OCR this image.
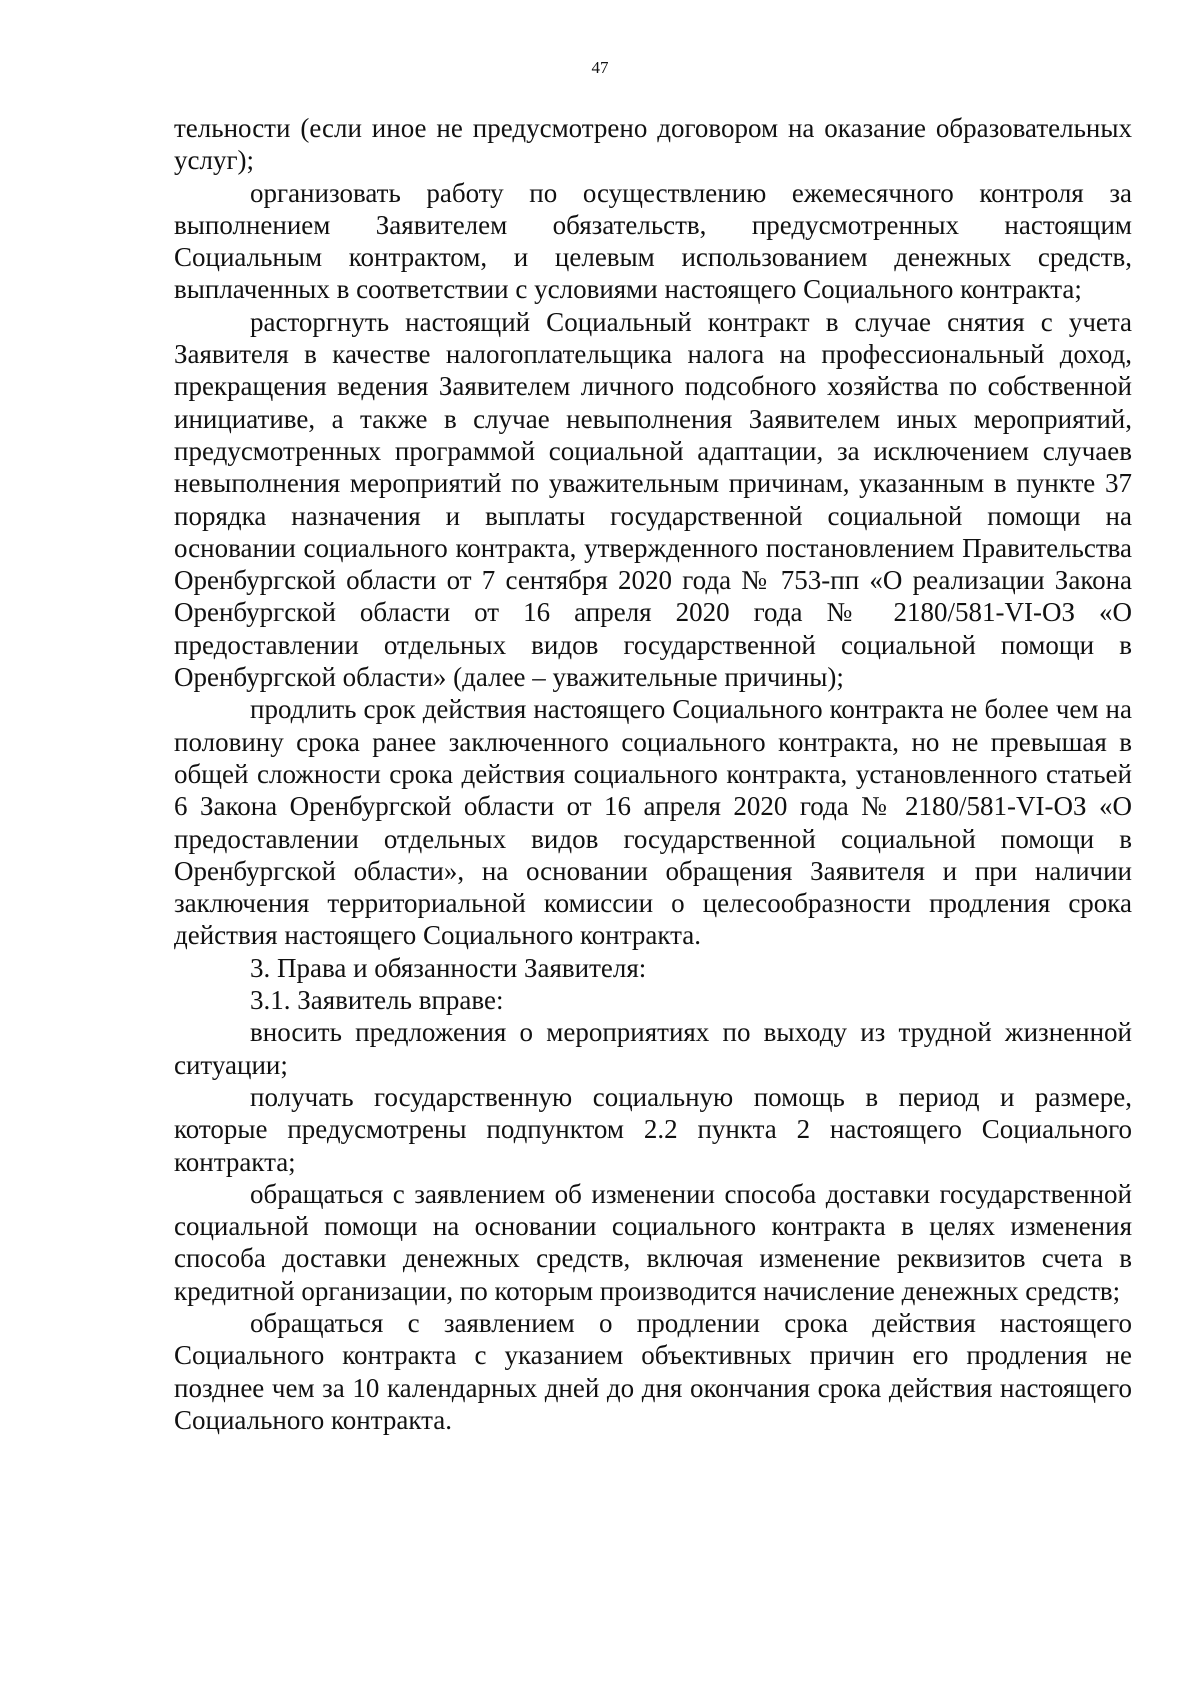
47

тельности (если иное не предусмотрено договором на оказание образовательных услуг);

организовать работу по осуществлению ежемесячного контроля за выполнением Заявителем обязательств, предусмотренных настоящим Социальным контрактом, и целевым использованием денежных средств, выплаченных в соответствии с условиями настоящего Социального контракта;

расторгнуть настоящий Социальный контракт в случае снятия с учета Заявителя в качестве налогоплательщика налога на профессиональный доход, прекращения ведения Заявителем личного подсобного хозяйства по собственной инициативе, а также в случае невыполнения Заявителем иных мероприятий, предусмотренных программой социальной адаптации, за исключением случаев невыполнения мероприятий по уважительным причинам, указанным в пункте 37 порядка назначения и выплаты государственной социальной помощи на основании социального контракта, утвержденного постановлением Правительства Оренбургской области от 7 сентября 2020 года № 753-пп «О реализации Закона Оренбургской области от 16 апреля 2020 года № 2180/581-VI-ОЗ «О предоставлении отдельных видов государственной социальной помощи в Оренбургской области» (далее – уважительные причины);

продлить срок действия настоящего Социального контракта не более чем на половину срока ранее заключенного социального контракта, но не превышая в общей сложности срока действия социального контракта, установленного статьей 6 Закона Оренбургской области от 16 апреля 2020 года № 2180/581-VI-ОЗ «О предоставлении отдельных видов государственной социальной помощи в Оренбургской области», на основании обращения Заявителя и при наличии заключения территориальной комиссии о целесообразности продления срока действия настоящего Социального контракта.

3. Права и обязанности Заявителя:

3.1. Заявитель вправе:

вносить предложения о мероприятиях по выходу из трудной жизненной ситуации;

получать государственную социальную помощь в период и размере, которые предусмотрены подпунктом 2.2 пункта 2 настоящего Социального контракта;

обращаться с заявлением об изменении способа доставки государственной социальной помощи на основании социального контракта в целях изменения способа доставки денежных средств, включая изменение реквизитов счета в кредитной организации, по которым производится начисление денежных средств;

обращаться с заявлением о продлении срока действия настоящего Социального контракта с указанием объективных причин его продления не позднее чем за 10 календарных дней до дня окончания срока действия настоящего Социального контракта.
